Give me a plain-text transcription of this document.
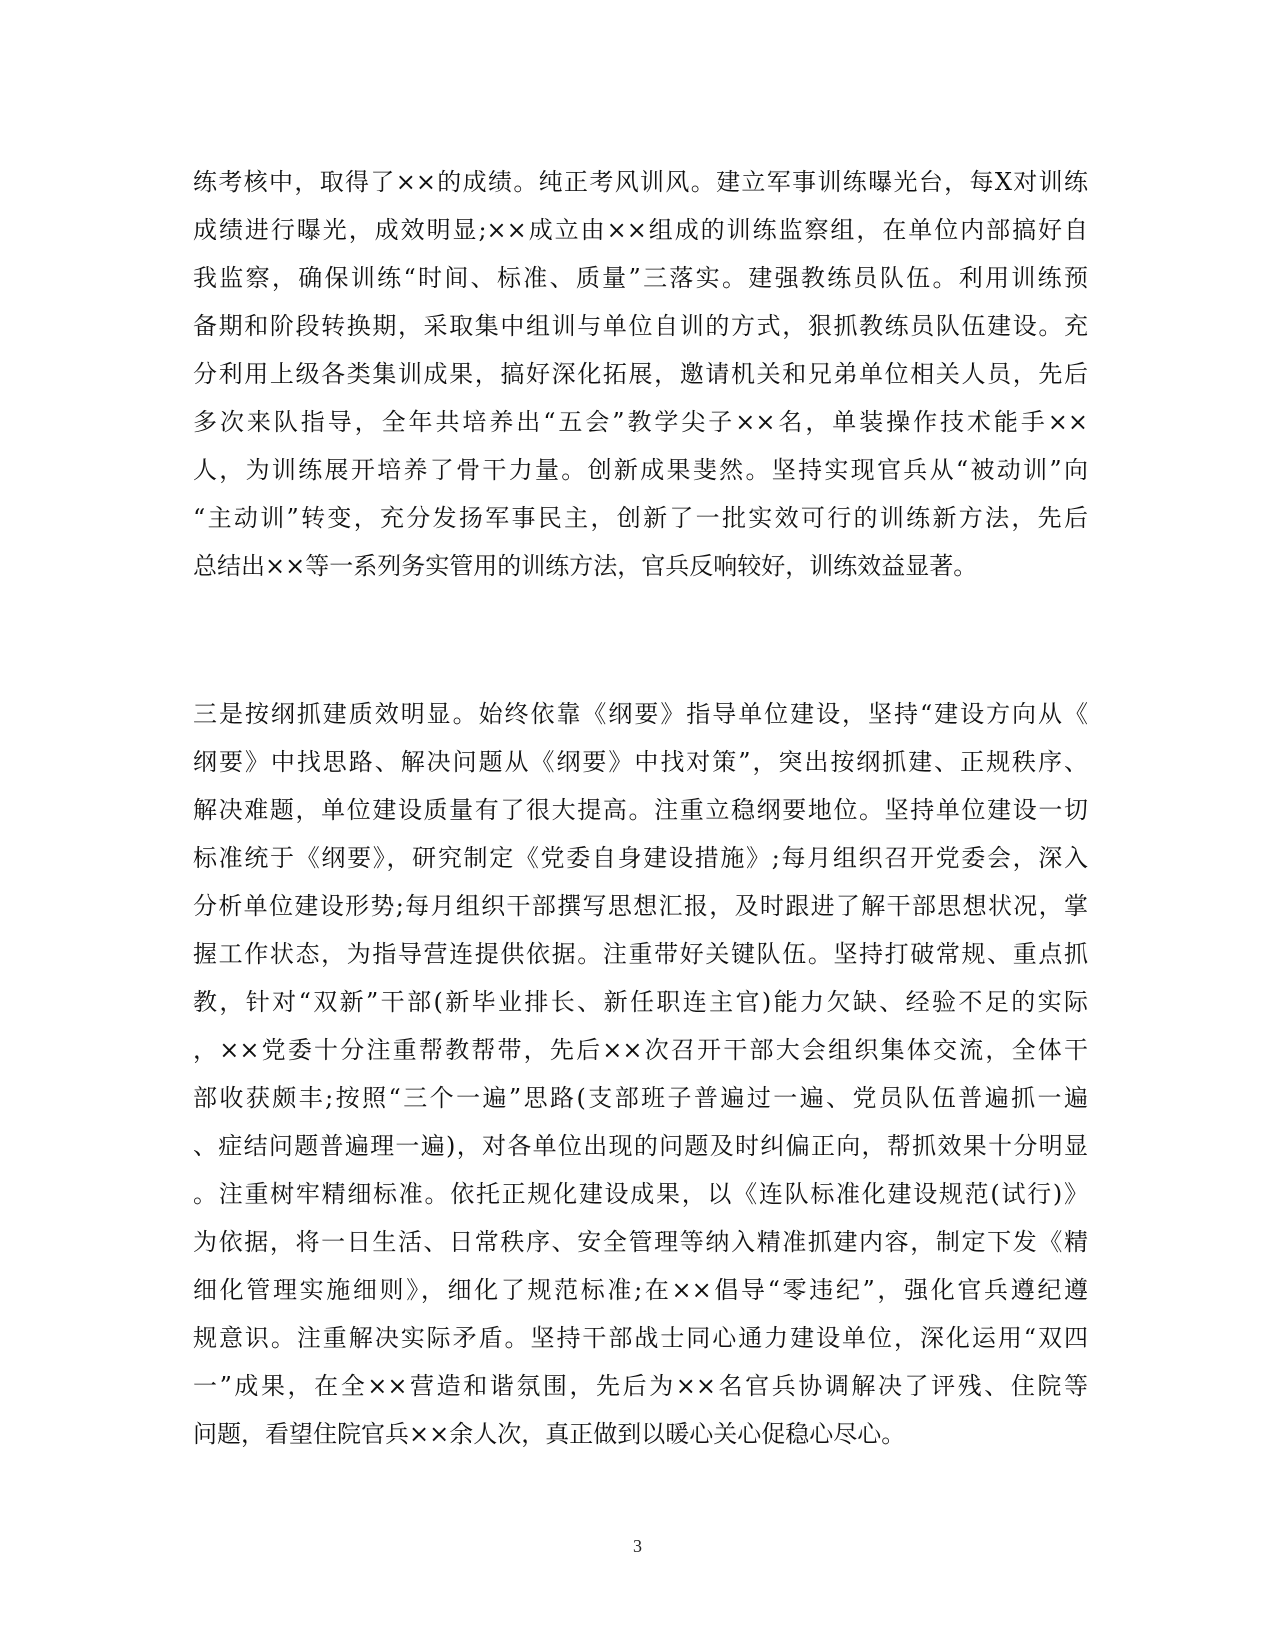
练考核中，取得了××的成绩。纯正考风训风。建立军事训练曝光台，每X对训练
成绩进行曝光，成效明显;××成立由××组成的训练监察组，在单位内部搞好自
我监察，确保训练“时间、标准、质量”三落实。建强教练员队伍。利用训练预
备期和阶段转换期，采取集中组训与单位自训的方式，狠抓教练员队伍建设。充
分利用上级各类集训成果，搞好深化拓展，邀请机关和兄弟单位相关人员，先后
多次来队指导，全年共培养出“五会”教学尖子××名，单装操作技术能手××
人，为训练展开培养了骨干力量。创新成果斐然。坚持实现官兵从“被动训”向
“主动训”转变，充分发扬军事民主，创新了一批实效可行的训练新方法，先后
总结出××等一系列务实管用的训练方法，官兵反响较好，训练效益显著。
三是按纲抓建质效明显。始终依靠《纲要》指导单位建设，坚持“建设方向从《
纲要》中找思路、解决问题从《纲要》中找对策”，突出按纲抓建、正规秩序、
解决难题，单位建设质量有了很大提高。注重立稳纲要地位。坚持单位建设一切
标准统于《纲要》，研究制定《党委自身建设措施》;每月组织召开党委会，深入
分析单位建设形势;每月组织干部撰写思想汇报，及时跟进了解干部思想状况，掌
握工作状态，为指导营连提供依据。注重带好关键队伍。坚持打破常规、重点抓
教，针对“双新”干部(新毕业排长、新任职连主官)能力欠缺、经验不足的实际
，××党委十分注重帮教帮带，先后××次召开干部大会组织集体交流，全体干
部收获颇丰;按照“三个一遍”思路(支部班子普遍过一遍、党员队伍普遍抓一遍
、症结问题普遍理一遍)，对各单位出现的问题及时纠偏正向，帮抓效果十分明显
。注重树牢精细标准。依托正规化建设成果，以《连队标准化建设规范(试行)》
为依据，将一日生活、日常秩序、安全管理等纳入精准抓建内容，制定下发《精
细化管理实施细则》，细化了规范标准;在××倡导“零违纪”，强化官兵遵纪遵
规意识。注重解决实际矛盾。坚持干部战士同心通力建设单位，深化运用“双四
一”成果，在全××营造和谐氛围，先后为××名官兵协调解决了评残、住院等
问题，看望住院官兵××余人次，真正做到以暖心关心促稳心尽心。
3
